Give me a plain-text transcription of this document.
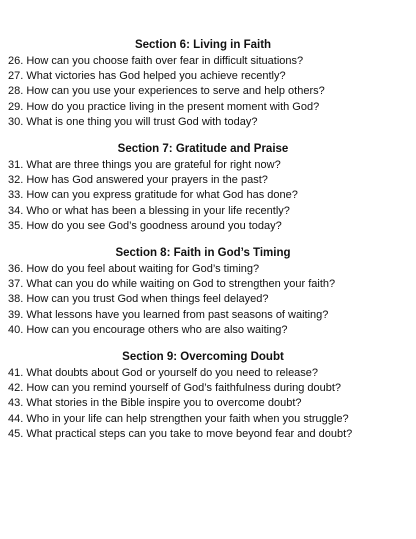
Section 6: Living in Faith

26. How can you choose faith over fear in difficult situations?

27. What victories has God helped you achieve recently?

28. How can you use your experiences to serve and help others?

29. How do you practice living in the present moment with God?

30. What is one thing you will trust God with today?

Section 7: Gratitude and Praise

31. What are three things you are grateful for right now?

32. How has God answered your prayers in the past?

33. How can you express gratitude for what God has done?

34. Who or what has been a blessing in your life recently?

35. How do you see God’s goodness around you today?

Section 8: Faith in God’s Timing

36. How do you feel about waiting for God’s timing?

37. What can you do while waiting on God to strengthen your faith?

38. How can you trust God when things feel delayed?

39. What lessons have you learned from past seasons of waiting?

40. How can you encourage others who are also waiting?

Section 9: Overcoming Doubt

41. What doubts about God or yourself do you need to release?

42. How can you remind yourself of God’s faithfulness during doubt?

43. What stories in the Bible inspire you to overcome doubt?

44. Who in your life can help strengthen your faith when you struggle?

45. What practical steps can you take to move beyond fear and doubt?
